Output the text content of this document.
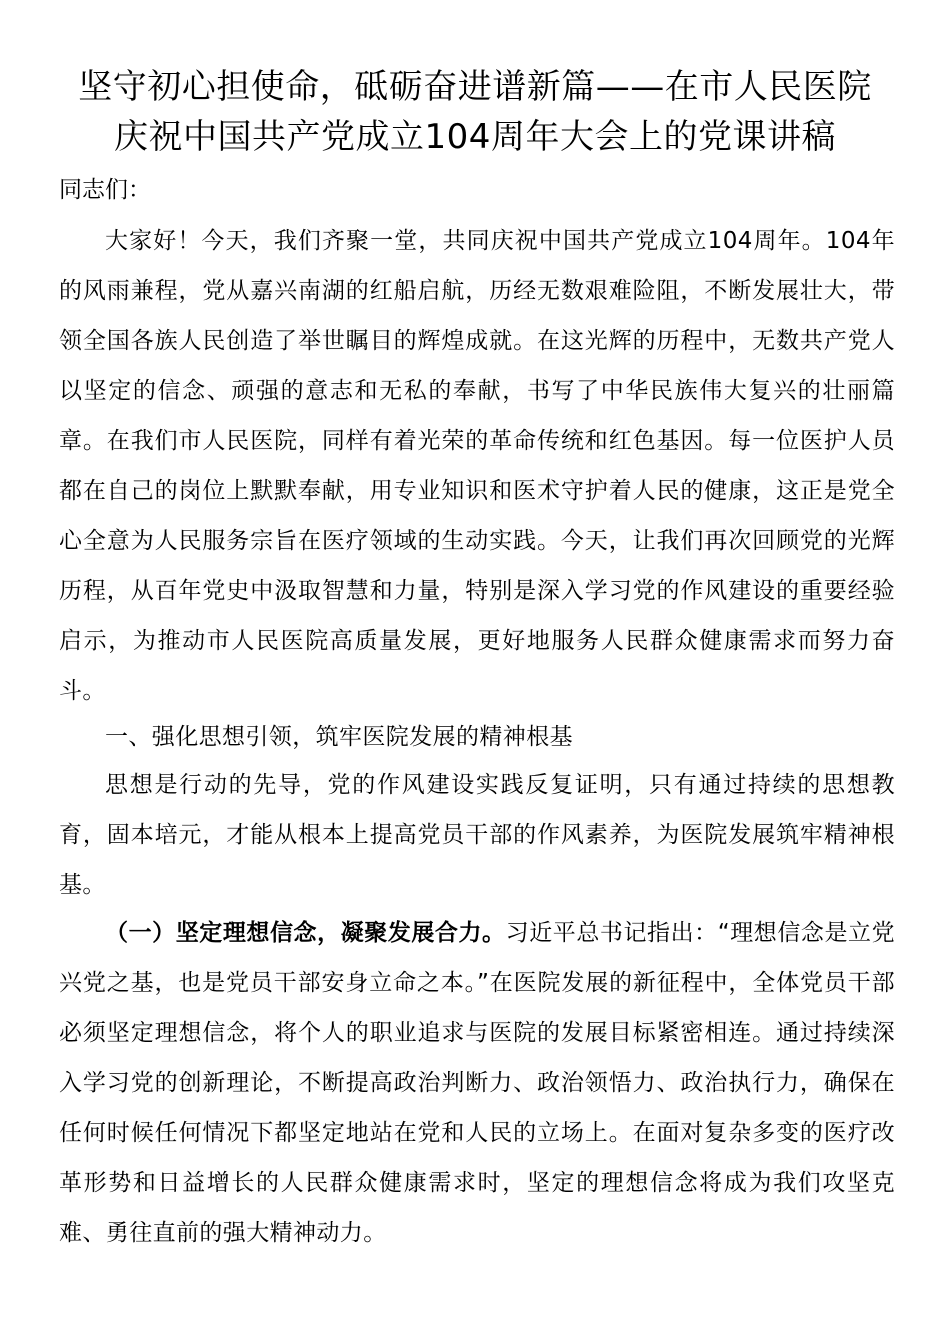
坚守初心担使命，砥砺奋进谱新篇——在市人民医院
庆祝中国共产党成立104周年大会上的党课讲稿

同志们：

大家好！今天，我们齐聚一堂，共同庆祝中国共产党成立104周年。104年的风雨兼程，党从嘉兴南湖的红船启航，历经无数艰难险阻，不断发展壮大，带领全国各族人民创造了举世瞩目的辉煌成就。在这光辉的历程中，无数共产党人以坚定的信念、顽强的意志和无私的奉献，书写了中华民族伟大复兴的壮丽篇章。在我们市人民医院，同样有着光荣的革命传统和红色基因。每一位医护人员都在自己的岗位上默默奉献，用专业知识和医术守护着人民的健康，这正是党全心全意为人民服务宗旨在医疗领域的生动实践。今天，让我们再次回顾党的光辉历程，从百年党史中汲取智慧和力量，特别是深入学习党的作风建设的重要经验启示，为推动市人民医院高质量发展，更好地服务人民群众健康需求而努力奋斗。

一、强化思想引领，筑牢医院发展的精神根基

思想是行动的先导，党的作风建设实践反复证明，只有通过持续的思想教育，固本培元，才能从根本上提高党员干部的作风素养，为医院发展筑牢精神根基。

（一）坚定理想信念，凝聚发展合力。习近平总书记指出：“理想信念是立党兴党之基，也是党员干部安身立命之本。”在医院发展的新征程中，全体党员干部必须坚定理想信念，将个人的职业追求与医院的发展目标紧密相连。通过持续深入学习党的创新理论，不断提高政治判断力、政治领悟力、政治执行力，确保在任何时候任何情况下都坚定地站在党和人民的立场上。在面对复杂多变的医疗改革形势和日益增长的人民群众健康需求时，坚定的理想信念将成为我们攻坚克难、勇往直前的强大精神动力。
